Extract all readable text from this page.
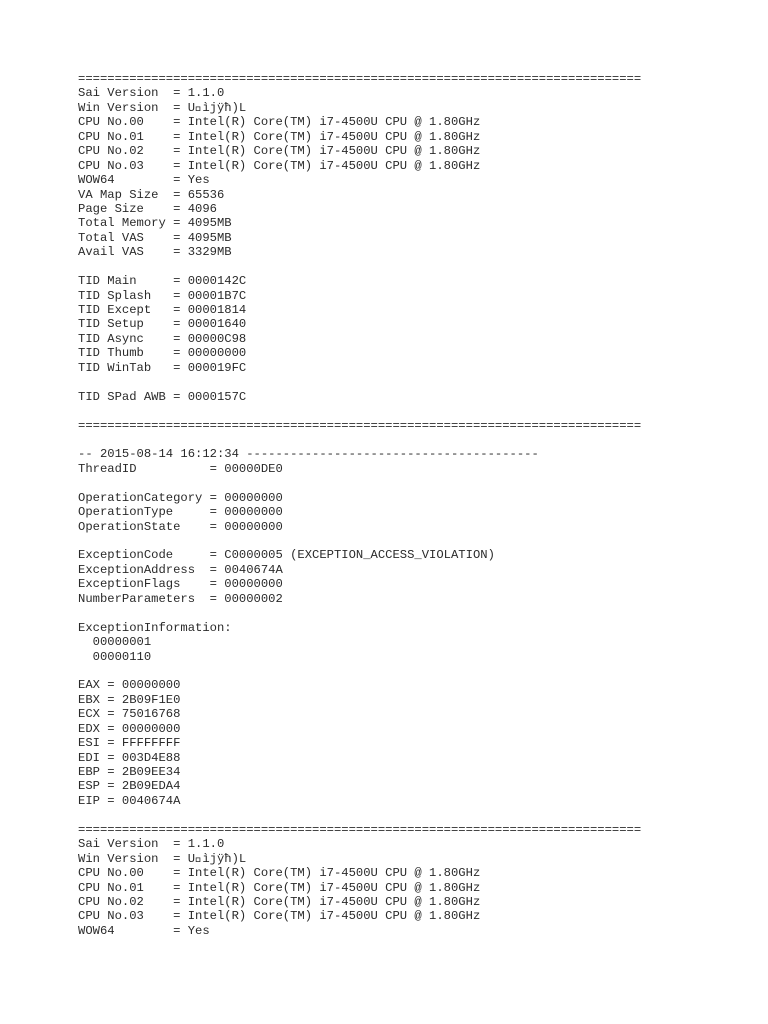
=============================================================================
Sai Version  = 1.1.0
Win Version  = U ìjÿħ)L
CPU No.00    = Intel(R) Core(TM) i7-4500U CPU @ 1.80GHz
CPU No.01    = Intel(R) Core(TM) i7-4500U CPU @ 1.80GHz
CPU No.02    = Intel(R) Core(TM) i7-4500U CPU @ 1.80GHz
CPU No.03    = Intel(R) Core(TM) i7-4500U CPU @ 1.80GHz
WOW64        = Yes
VA Map Size  = 65536
Page Size    = 4096
Total Memory = 4095MB
Total VAS    = 4095MB
Avail VAS    = 3329MB
TID Main     = 0000142C
TID Splash   = 00001B7C
TID Except   = 00001814
TID Setup    = 00001640
TID Async    = 00000C98
TID Thumb    = 00000000
TID WinTab   = 000019FC
TID SPad AWB = 0000157C
=============================================================================
-- 2015-08-14 16:12:34 ----------------------------------------
ThreadID          = 00000DE0
OperationCategory = 00000000
OperationType     = 00000000
OperationState    = 00000000
ExceptionCode     = C0000005 (EXCEPTION_ACCESS_VIOLATION)
ExceptionAddress  = 0040674A
ExceptionFlags    = 00000000
NumberParameters  = 00000002
ExceptionInformation:
00000001
00000110
EAX = 00000000
EBX = 2B09F1E0
ECX = 75016768
EDX = 00000000
ESI = FFFFFFFF
EDI = 003D4E88
EBP = 2B09EE34
ESP = 2B09EDA4
EIP = 0040674A
=============================================================================
Sai Version  = 1.1.0
Win Version  = U ìjÿħ)L
CPU No.00    = Intel(R) Core(TM) i7-4500U CPU @ 1.80GHz
CPU No.01    = Intel(R) Core(TM) i7-4500U CPU @ 1.80GHz
CPU No.02    = Intel(R) Core(TM) i7-4500U CPU @ 1.80GHz
CPU No.03    = Intel(R) Core(TM) i7-4500U CPU @ 1.80GHz
WOW64        = Yes
